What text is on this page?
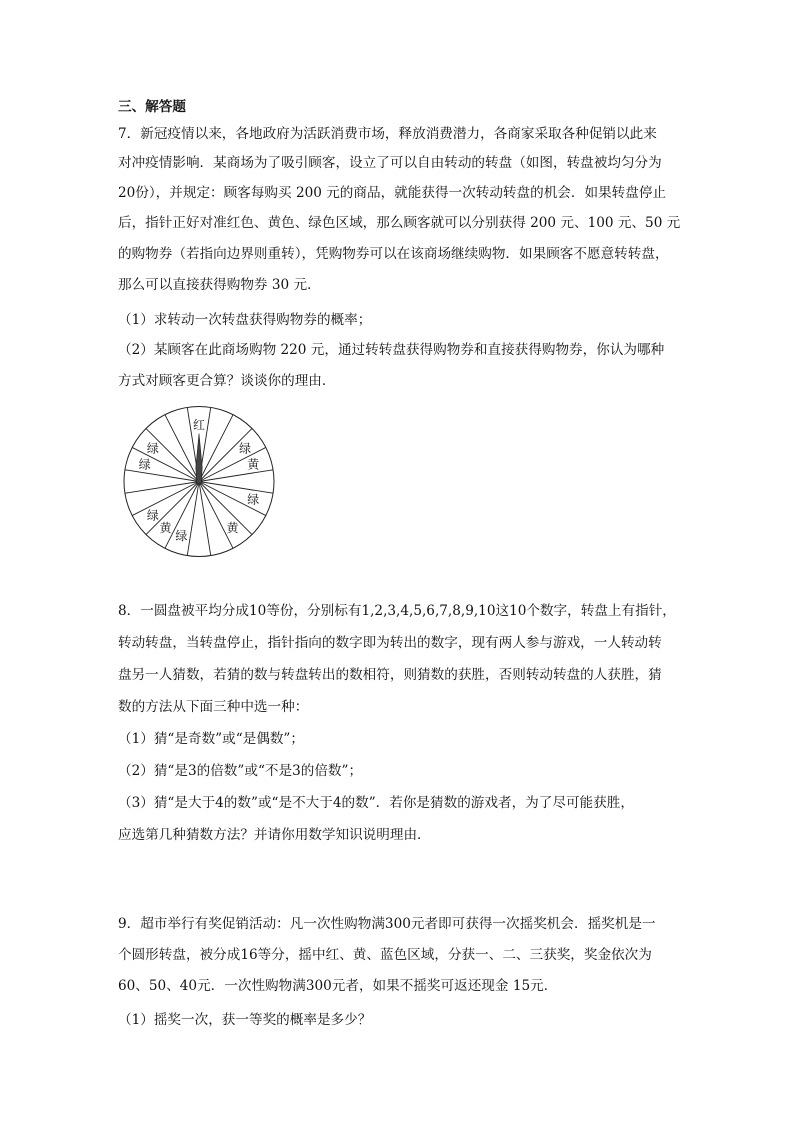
三、解答题
7．新冠疫情以来，各地政府为活跃消费市场，释放消费潜力，各商家采取各种促销以此来
对冲疫情影响．某商场为了吸引顾客，设立了可以自由转动的转盘（如图，转盘被均匀分为
20份），并规定：顾客每购买 200 元的商品，就能获得一次转动转盘的机会．如果转盘停止
后，指针正好对准红色、黄色、绿色区域，那么顾客就可以分别获得 200 元、100 元、50 元
的购物券（若指向边界则重转），凭购物券可以在该商场继续购物．如果顾客不愿意转转盘，
那么可以直接获得购物券 30 元．
（1）求转动一次转盘获得购物券的概率；
（2）某顾客在此商场购物 220 元，通过转转盘获得购物券和直接获得购物券，你认为哪种
方式对顾客更合算？谈谈你的理由．
红
绿
黄
绿
黄
绿
黄
绿
绿
绿
8．一圆盘被平均分成10等份，分别标有1,2,3,4,5,6,7,8,9,10这10个数字，转盘上有指针，
转动转盘，当转盘停止，指针指向的数字即为转出的数字，现有两人参与游戏，一人转动转
盘另一人猜数，若猜的数与转盘转出的数相符，则猜数的获胜，否则转动转盘的人获胜，猜
数的方法从下面三种中选一种：
（1）猜“是奇数”或“是偶数”；
（2）猜“是3的倍数”或“不是3的倍数”；
（3）猜“是大于4的数”或“是不大于4的数”．若你是猜数的游戏者，为了尽可能获胜，
应选第几种猜数方法？并请你用数学知识说明理由．
9．超市举行有奖促销活动：凡一次性购物满300元者即可获得一次摇奖机会．摇奖机是一
个圆形转盘，被分成16等分，摇中红、黄、蓝色区域，分获一、二、三获奖，奖金依次为
60、50、40元．一次性购物满300元者，如果不摇奖可返还现金 15元．
（1）摇奖一次，获一等奖的概率是多少？
